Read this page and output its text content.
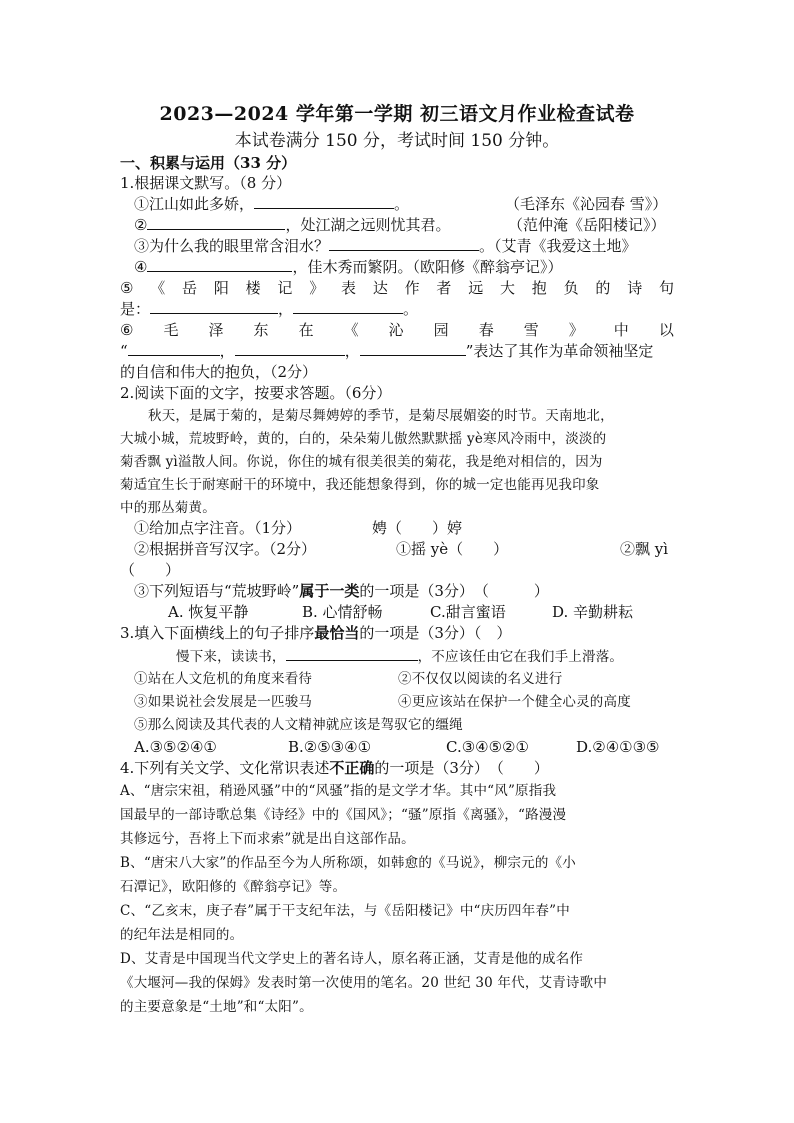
2023—2024 学年第一学期 初三语文月作业检查试卷
本试卷满分 150 分，考试时间 150 分钟。
一、积累与运用（33 分）
1.根据课文默写。（8 分）
①江山如此多娇，	。	（毛泽东《沁园春 雪》）
②	，处江湖之远则忧其君。	（范仲淹《岳阳楼记》）
③为什么我的眼里常含泪水？	。（艾青《我爱这土地》
④	，佳木秀而繁阴。（欧阳修《醉翁亭记》）
⑤ 《 岳 阳 楼 记 》 表 达 作 者 远 大 抱 负 的 诗 句
是：	，	。
⑥ 毛 泽 东 在 《 沁 园 春 雪 》 中 以
“	，	，	”表达了其作为革命领袖坚定
的自信和伟大的抱负，（2分）
2.阅读下面的文字，按要求答题。（6分）
秋天，是属于菊的，是菊尽舞娉婷的季节，是菊尽展媚姿的时节。天南地北，
大城小城，荒坡野岭，黄的，白的，朵朵菊儿傲然默默摇 yè寒风冷雨中，淡淡的
菊香飘 yì溢散人间。你说，你住的城有很美很美的菊花，我是绝对相信的，因为
菊适宜生长于耐寒耐干的环境中，我还能想象得到，你的城一定也能再见我印象
中的那丛菊黄。
①给加点字注音。（1分）	娉（　　）婷
②根据拼音写汉字。（2分）	①摇 yè（　　）	②飘 yì
（　　）
③下列短语与“荒坡野岭”属于一类的一项是（3分）　（　　　）
A. 恢复平静	B. 心情舒畅	C.甜言蜜语	D. 辛勤耕耘
3.填入下面横线上的句子排序最恰当的一项是（3分）（　）
慢下来，读读书，	，不应该任由它在我们手上滑落。
①站在人文危机的角度来看待	②不仅仅以阅读的名义进行
③如果说社会发展是一匹骏马	④更应该站在保护一个健全心灵的高度
⑤那么阅读及其代表的人文精神就应该是驾驭它的缰绳
A.③⑤②④①	B.②⑤③④①	C.③④⑤②①	D.②④①③⑤
4.下列有关文学、文化常识表述不正确的一项是（3分）　（　　）
A、“唐宗宋祖，稍逊风骚”中的“风骚”指的是文学才华。其中“风”原指我
国最早的一部诗歌总集《诗经》中的《国风》；“骚”原指《离骚》，“路漫漫
其修远兮，吾将上下而求索”就是出自这部作品。
B、“唐宋八大家”的作品至今为人所称颂，如韩愈的《马说》，柳宗元的《小
石潭记》，欧阳修的《醉翁亭记》等。
C、“乙亥末，庚子春”属于干支纪年法，与《岳阳楼记》中“庆历四年春”中
的纪年法是相同的。
D、艾青是中国现当代文学史上的著名诗人，原名蒋正涵，艾青是他的成名作
《大堰河—我的保姆》发表时第一次使用的笔名。20 世纪 30 年代，艾青诗歌中
的主要意象是“土地”和“太阳”。
